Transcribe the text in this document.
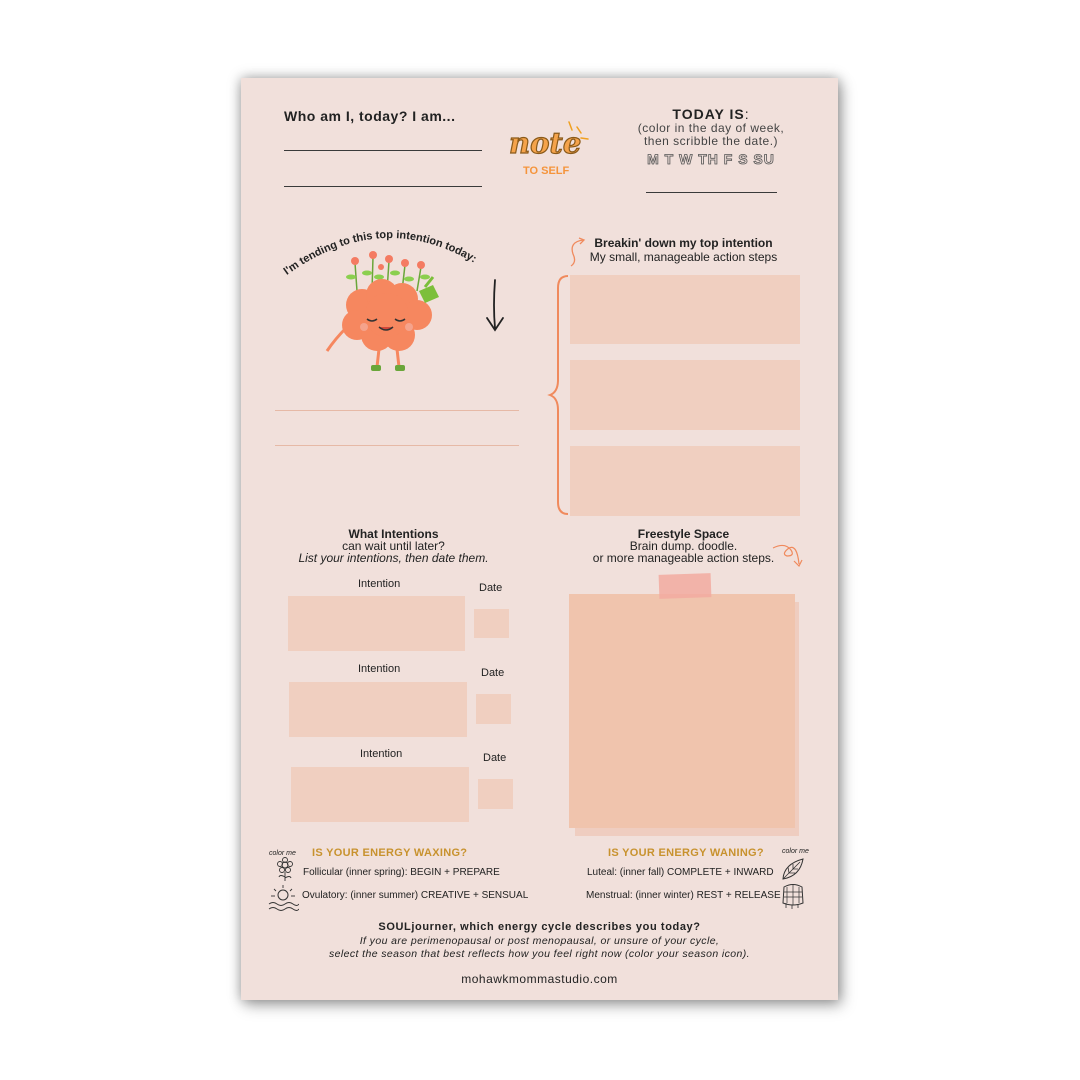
Who am I, today? I am...
note
TO SELF
TODAY IS:
(color in the day of week,
then scribble the date.)
M T W TH F S SU
I'm tending to this top intention today:
Breakin' down my top intention
My small, manageable action steps
What Intentions
can wait until later?
List your intentions, then date them.
Intention	Date
Intention	Date
Intention	Date
Freestyle Space
Brain dump. doodle.
or more manageable action steps.
color me	color me
IS YOUR ENERGY WAXING?	IS YOUR ENERGY WANING?
Follicular (inner spring): BEGIN + PREPARE
Ovulatory: (inner summer) CREATIVE + SENSUAL
Luteal: (inner fall) COMPLETE + INWARD
Menstrual: (inner winter) REST + RELEASE
SOULjourner, which energy cycle describes you today?
If you are perimenopausal or post menopausal, or unsure of your cycle,
select the season that best reflects how you feel right now (color your season icon).
mohawkmommastudio.com
